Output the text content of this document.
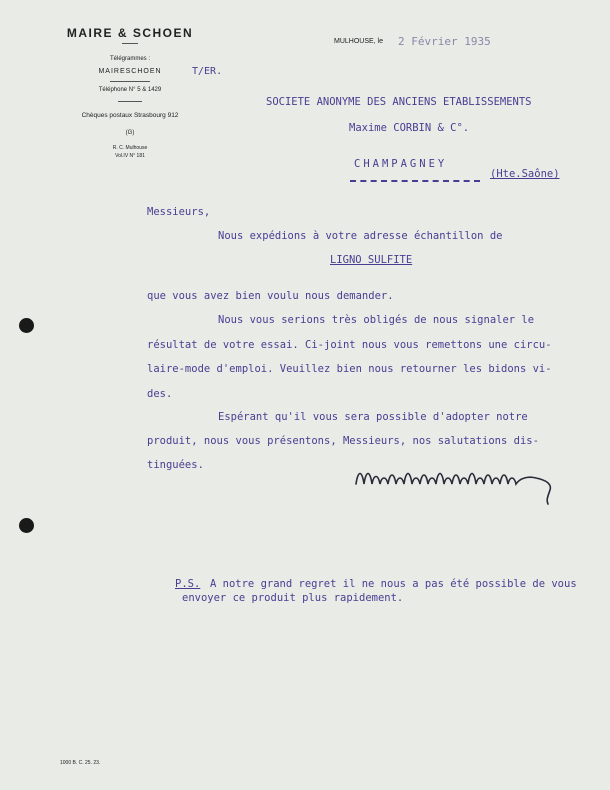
MAIRE & SCHOEN
Télégrammes :
MAIRESCHOEN
Téléphone N° 5 & 1429
Chèques postaux Strasbourg 912
(G)
R. C. Mulhouse
Vol.IV N° 181
MULHOUSE, le
1000 B. C. 25. 23.
2 Février 1935
T/ER.
SOCIETE ANONYME DES ANCIENS ETABLISSEMENTS
Maxime CORBIN & C°.
CHAMPAGNEY
(Hte.Saône)
Messieurs,
Nous expédions à votre adresse échantillon de
LIGNO SULFITE
que vous avez bien voulu nous demander.
Nous vous serions très obligés de nous signaler le
résultat de votre essai. Ci-joint nous vous remettons une circu-
laire-mode d'emploi. Veuillez bien nous retourner les bidons vi-
des.
Espérant qu'il vous sera possible d'adopter notre
produit, nous vous présentons, Messieurs, nos salutations dis-
tinguées.
P.S. A notre grand regret il ne nous a pas été possible de vous
envoyer ce produit plus rapidement.
